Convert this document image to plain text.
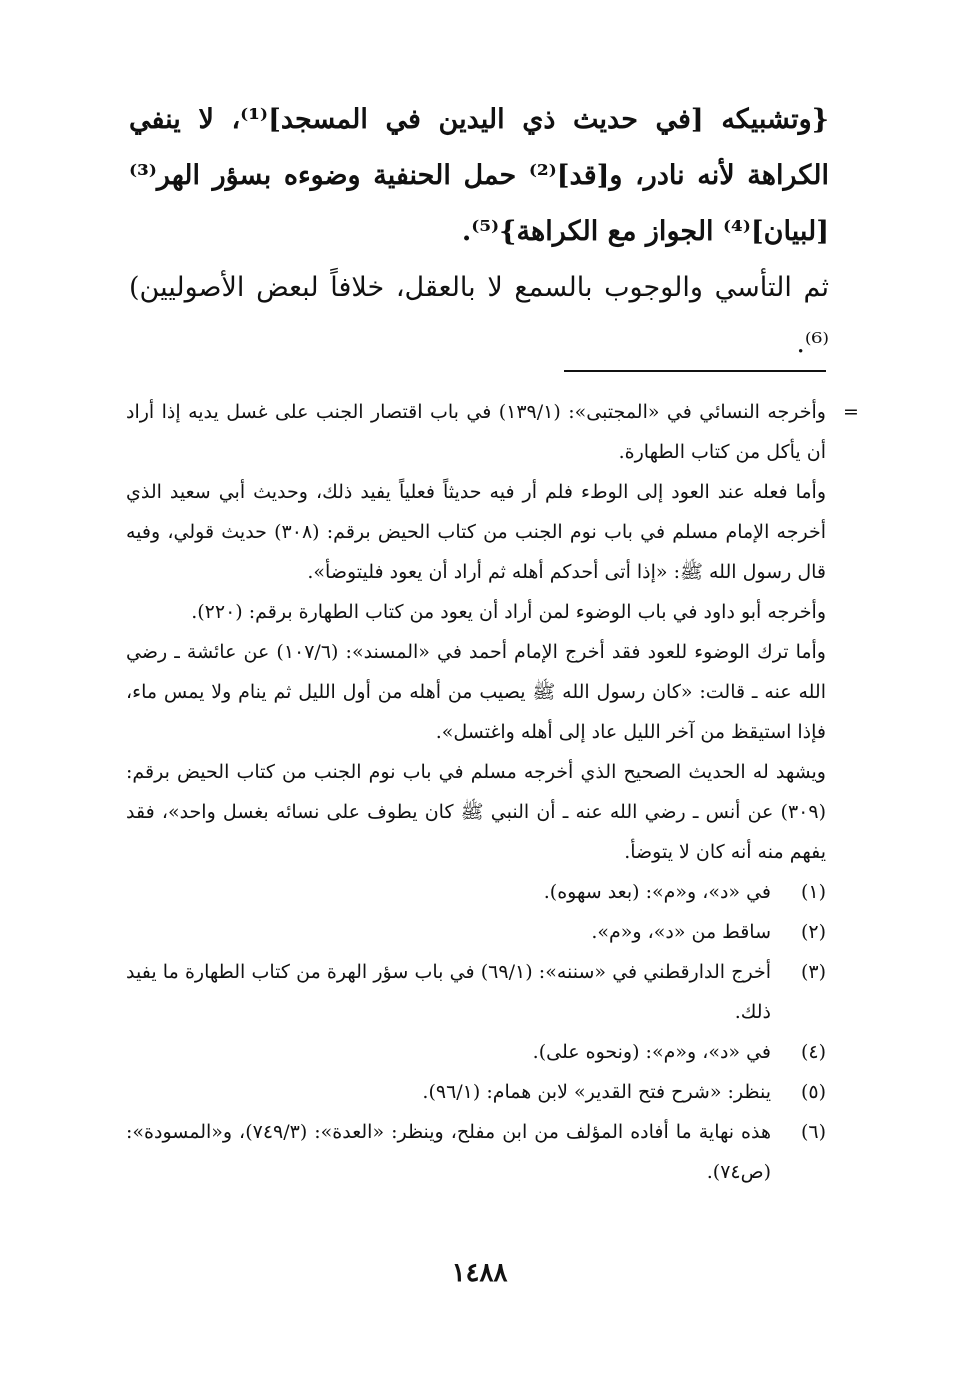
{وتشبيكه [في حديث ذي اليدين في المسجد]⁽¹⁾، لا ينفي الكراهة لأنه نادر، و[قد]⁽²⁾ حمل الحنفية وضوءه بسؤر الهر⁽³⁾ [لبيان]⁽⁴⁾ الجواز مع الكراهة}⁽⁵⁾.

ثم التأسي والوجوب بالسمع لا بالعقل، خلافاً لبعض الأصوليين)⁽⁶⁾.

=

وأخرجه النسائي في «المجتبى»: (١٣٩/١) في باب اقتصار الجنب على غسل يديه إذا أراد أن يأكل من كتاب الطهارة.

وأما فعله عند العود إلى الوطء فلم أر فيه حديثاً فعلياً يفيد ذلك، وحديث أبي سعيد الذي أخرجه الإمام مسلم في باب نوم الجنب من كتاب الحيض برقم: (٣٠٨) حديث قولي، وفيه قال رسول الله ﷺ: «إذا أتى أحدكم أهله ثم أراد أن يعود فليتوضأ».

وأخرجه أبو داود في باب الوضوء لمن أراد أن يعود من كتاب الطهارة برقم: (٢٢٠).

وأما ترك الوضوء للعود فقد أخرج الإمام أحمد في «المسند»: (١٠٧/٦) عن عائشة ـ رضي الله عنه ـ قالت: «كان رسول الله ﷺ يصيب من أهله من أول الليل ثم ينام ولا يمس ماء، فإذا استيقظ من آخر الليل عاد إلى أهله واغتسل».

ويشهد له الحديث الصحيح الذي أخرجه مسلم في باب نوم الجنب من كتاب الحيض برقم: (٣٠٩) عن أنس ـ رضي الله عنه ـ أن النبي ﷺ كان يطوف على نسائه بغسل واحد»، فقد يفهم منه أنه كان لا يتوضأ.

(١)
في «د»، و«م»: (بعد سهوه).
(٢)
ساقط من «د»، و«م».
(٣)
أخرج الدارقطني في «سننه»: (٦٩/١) في باب سؤر الهرة من كتاب الطهارة ما يفيد ذلك.
(٤)
في «د»، و«م»: (ونحوه على).
(٥)
ينظر: «شرح فتح القدير» لابن همام: (٩٦/١).
(٦)
هذه نهاية ما أفاده المؤلف من ابن مفلح، وينظر: «العدة»: (٧٤٩/٣)، و«المسودة»: (ص٧٤).
١٤٨٨
